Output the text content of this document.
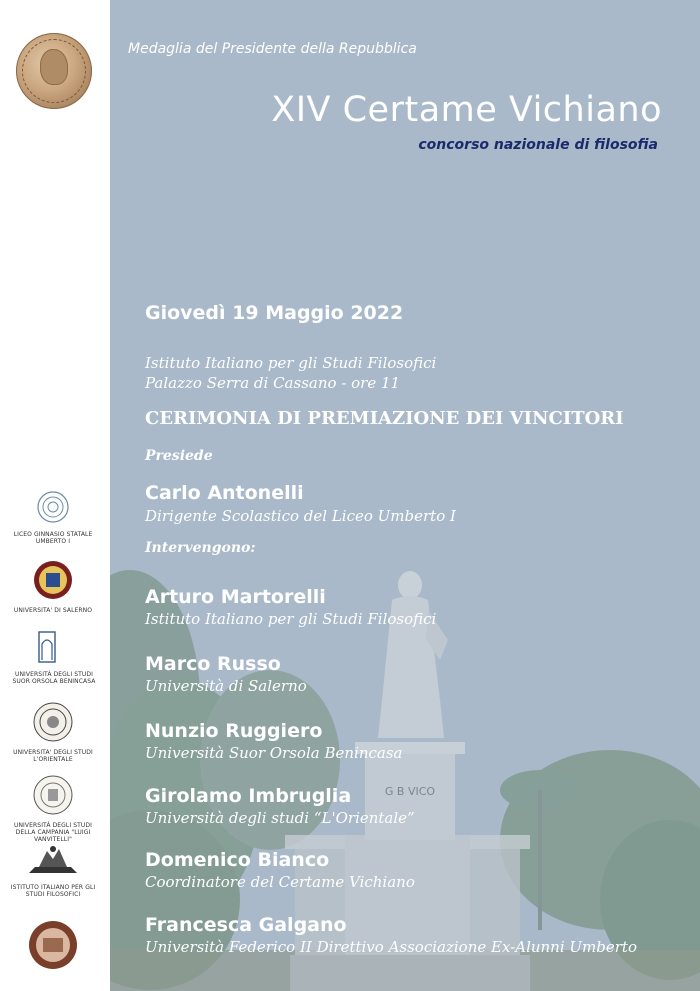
LICEO GINNASIO STATALE UMBERTO I
UNIVERSITA' DI SALERNO
UNIVERSITÀ DEGLI STUDI SUOR ORSOLA BENINCASA
UNIVERSITA' DEGLI STUDI L'ORIENTALE
UNIVERSITÀ DEGLI STUDI DELLA CAMPANIA "LUIGI VANVITELLI"
ISTITUTO ITALIANO PER GLI STUDI FILOSOFICI
G B VICO
Medaglia del Presidente della Repubblica
XIV Certame Vichiano
concorso nazionale di filosofia
Giovedì 19 Maggio 2022
Istituto Italiano per gli Studi Filosofici
Palazzo Serra di Cassano - ore 11
CERIMONIA DI PREMIAZIONE DEI VINCITORI
Presiede
Carlo Antonelli
Dirigente Scolastico del Liceo Umberto I
Intervengono:
Arturo Martorelli
Istituto Italiano per gli Studi Filosofici
Marco Russo
Università di Salerno
Nunzio Ruggiero
Università Suor Orsola Benincasa
Girolamo Imbruglia
Università degli studi “L'Orientale”
Domenico Bianco
Coordinatore del Certame Vichiano
Francesca Galgano
Università Federico II Direttivo Associazione Ex-Alunni Umberto
